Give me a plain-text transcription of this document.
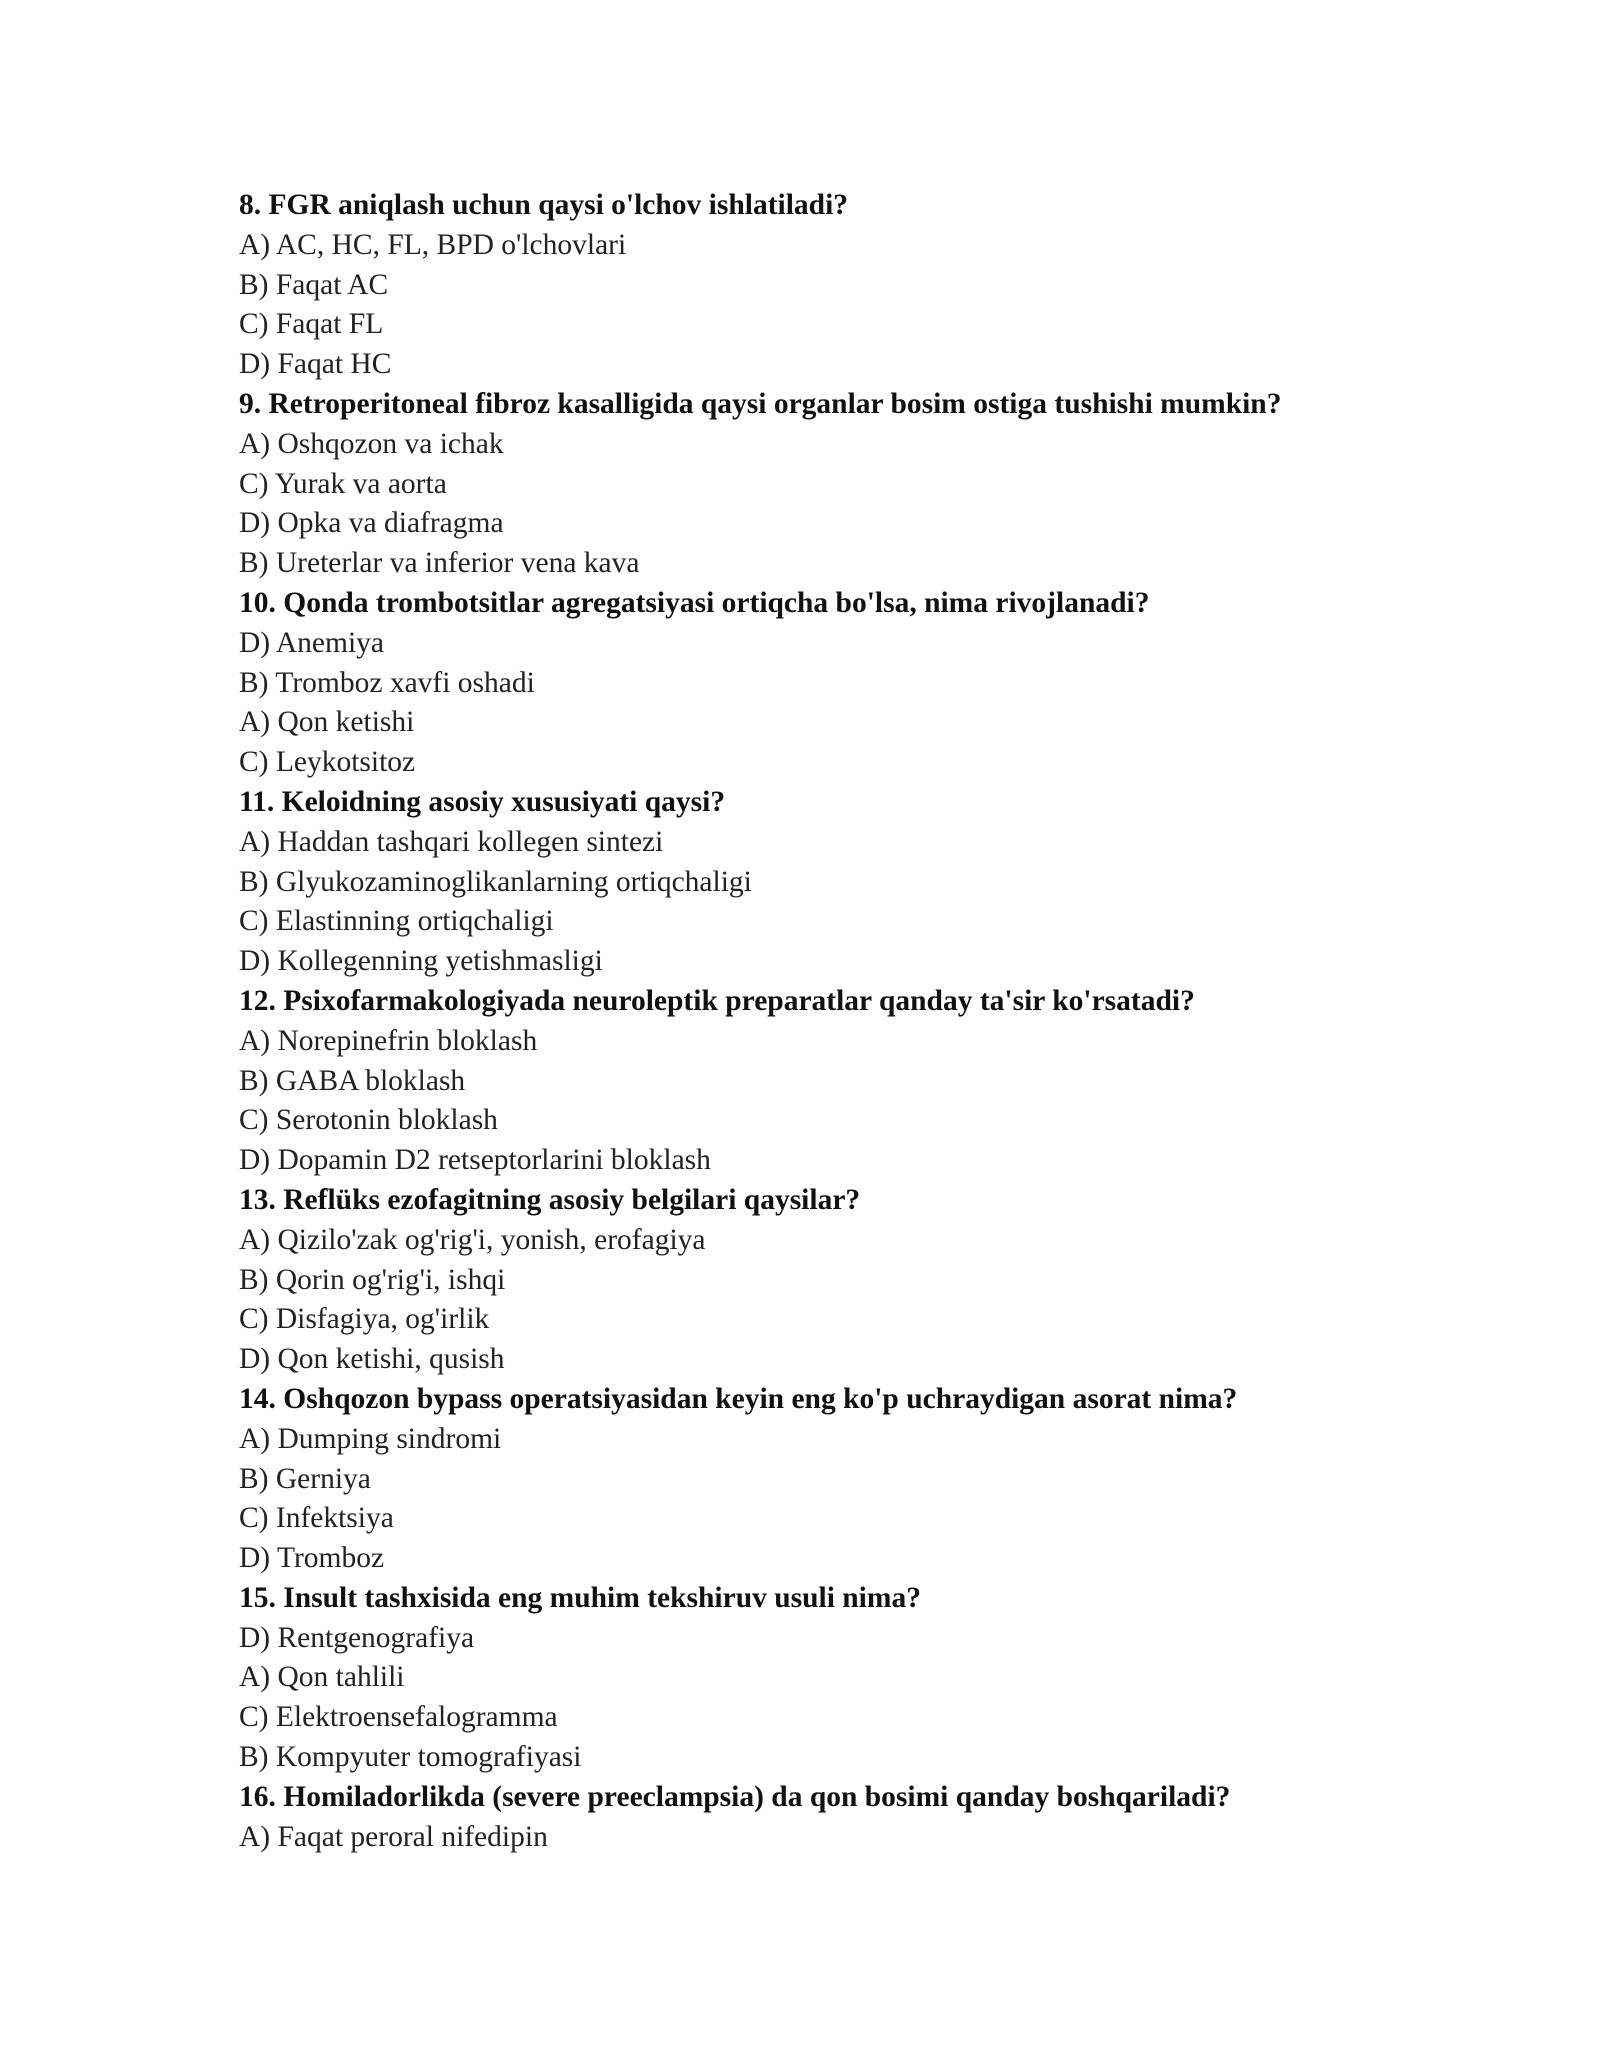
8. FGR aniqlash uchun qaysi o'lchov ishlatiladi?
A) AC, HC, FL, BPD o'lchovlari
B) Faqat AC
C) Faqat FL
D) Faqat HC
9. Retroperitoneal fibroz kasalligida qaysi organlar bosim ostiga tushishi mumkin?
A) Oshqozon va ichak
C) Yurak va aorta
D) Opka va diafragma
B) Ureterlar va inferior vena kava
10. Qonda trombotsitlar agregatsiyasi ortiqcha bo'lsa, nima rivojlanadi?
D) Anemiya
B) Tromboz xavfi oshadi
A) Qon ketishi
C) Leykotsitoz
11. Keloidning asosiy xususiyati qaysi?
A) Haddan tashqari kollegen sintezi
B) Glyukozaminoglikanlarning ortiqchaligi
C) Elastinning ortiqchaligi
D) Kollegenning yetishmasligi
12. Psixofarmakologiyada neuroleptik preparatlar qanday ta'sir ko'rsatadi?
A) Norepinefrin bloklash
B) GABA bloklash
C) Serotonin bloklash
D) Dopamin D2 retseptorlarini bloklash
13. Reflüks ezofagitning asosiy belgilari qaysilar?
A) Qizilo'zak og'rig'i, yonish, erofagiya
B) Qorin og'rig'i, ishqi
C) Disfagiya, og'irlik
D) Qon ketishi, qusish
14. Oshqozon bypass operatsiyasidan keyin eng ko'p uchraydigan asorat nima?
A) Dumping sindromi
B) Gerniya
C) Infektsiya
D) Tromboz
15. Insult tashxisida eng muhim tekshiruv usuli nima?
D) Rentgenografiya
A) Qon tahlili
C) Elektroensefalogramma
B) Kompyuter tomografiyasi
16. Homiladorlikda (severe preeclampsia) da qon bosimi qanday boshqariladi?
A) Faqat peroral nifedipin
